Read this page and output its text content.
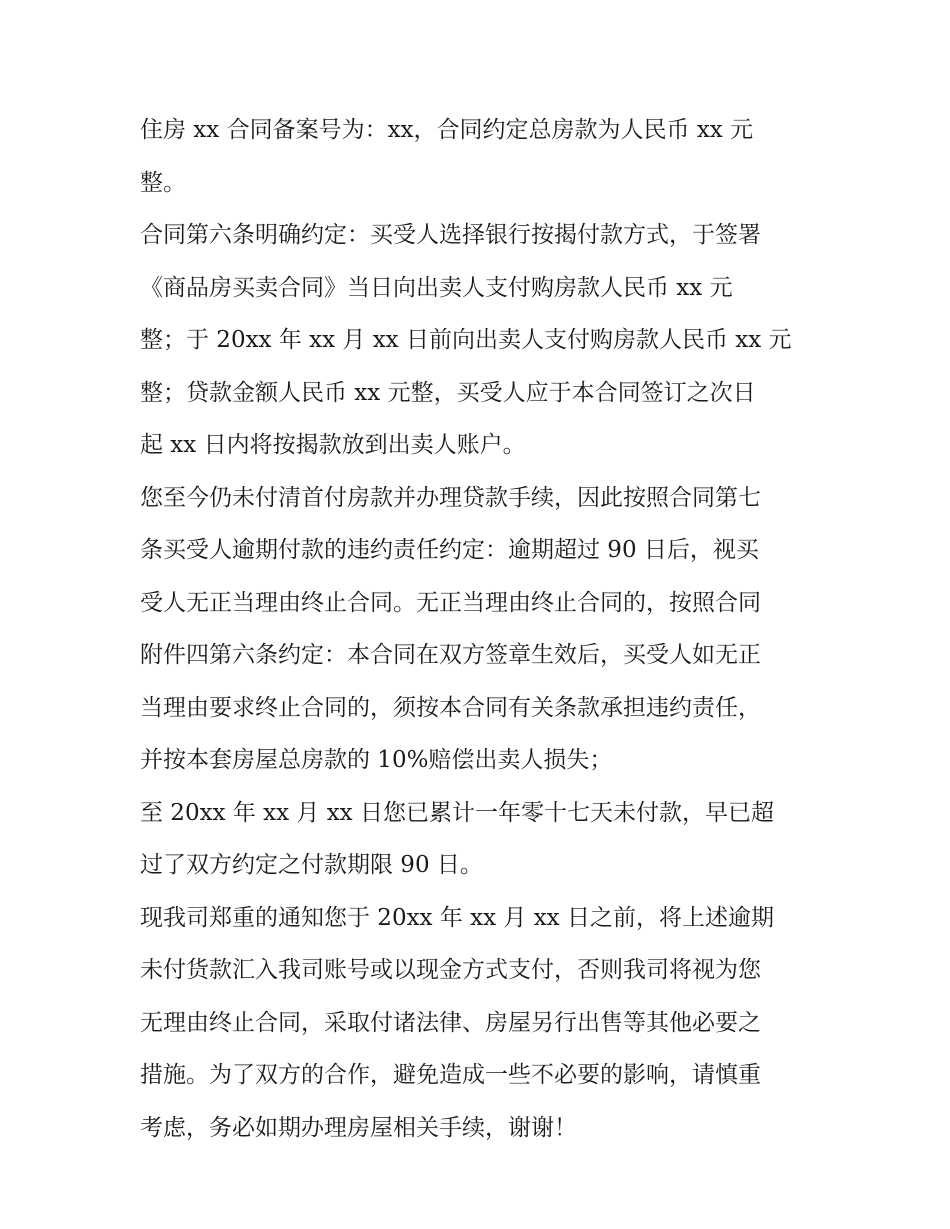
住房 xx 合同备案号为：xx，合同约定总房款为人民币 xx 元
整。
合同第六条明确约定：买受人选择银行按揭付款方式，于签署
《商品房买卖合同》当日向出卖人支付购房款人民币 xx 元
整；于 20xx 年 xx 月 xx 日前向出卖人支付购房款人民币 xx 元
整；贷款金额人民币 xx 元整，买受人应于本合同签订之次日
起 xx 日内将按揭款放到出卖人账户。
您至今仍未付清首付房款并办理贷款手续，因此按照合同第七
条买受人逾期付款的违约责任约定：逾期超过 90 日后，视买
受人无正当理由终止合同。无正当理由终止合同的，按照合同
附件四第六条约定：本合同在双方签章生效后，买受人如无正
当理由要求终止合同的，须按本合同有关条款承担违约责任，
并按本套房屋总房款的 10%赔偿出卖人损失；
至 20xx 年 xx 月 xx 日您已累计一年零十七天未付款，早已超
过了双方约定之付款期限 90 日。
现我司郑重的通知您于 20xx 年 xx 月 xx 日之前，将上述逾期
未付货款汇入我司账号或以现金方式支付，否则我司将视为您
无理由终止合同，采取付诸法律、房屋另行出售等其他必要之
措施。为了双方的合作，避免造成一些不必要的影响，请慎重
考虑，务必如期办理房屋相关手续，谢谢！
